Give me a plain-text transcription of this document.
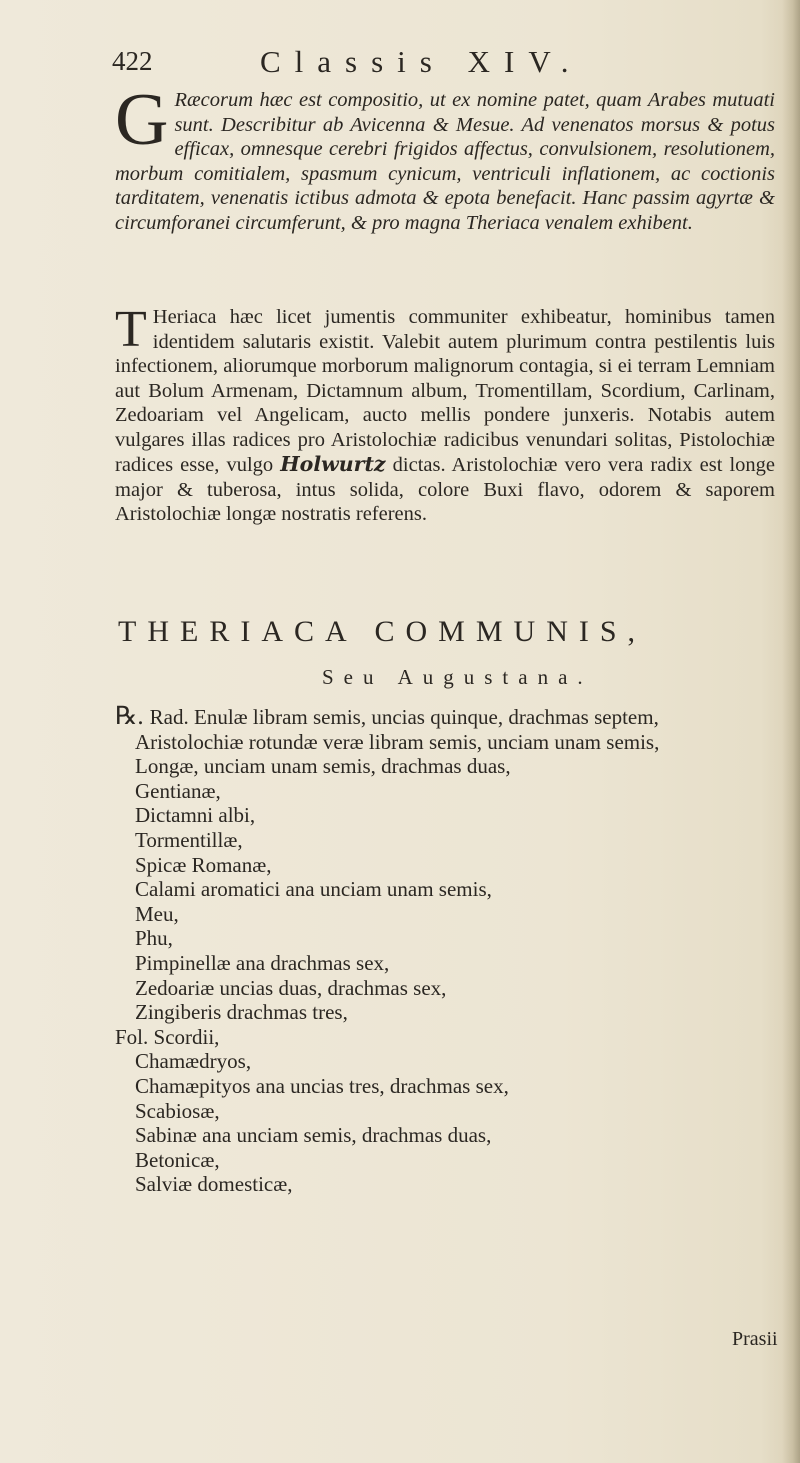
422	Classis XIV.
G Ræcorum hæc est compositio, ut ex nomine patet, quam Arabes mutuati sunt. Describitur ab Avicenna & Mesue. Ad venenatos morsus & potus efficax, omnesque cerebri frigidos affectus, convulsionem, resolutionem, morbum comitialem, spasmum cynicum, ventriculi inflationem, ac coctionis tarditatem, venenatis ictibus admota & epota benefacit. Hanc passim agyrtæ & circumforanei circumferunt, & pro magna Theriaca venalem exhibent.
T Heriaca hæc licet jumentis communiter exhibeatur, hominibus tamen identidem salutaris existit. Valebit autem plurimum contra pestilentis luis infectionem, aliorumque morborum malignorum contagia, si ei terram Lemniam aut Bolum Armenam, Dictamnum album, Tromentillam, Scordium, Carlinam, Zedoariam vel Angelicam, aucto mellis pondere junxeris. Notabis autem vulgares illas radices pro Aristolochiæ radicibus venundari solitas, Pistolochiæ radices esse, vulgo Holwurtz dictas. Aristolochiæ vero vera radix est longe major & tuberosa, intus solida, colore Buxi flavo, odorem & saporem Aristolochiæ longæ nostratis referens.
THERIACA COMMUNIS,
Seu Augustana.

℞. Rad. Enulæ libram semis, uncias quinque, drachmas septem,

Aristolochiæ rotundæ veræ libram semis, unciam unam semis,

Longæ, unciam unam semis, drachmas duas,

Gentianæ,

Dictamni albi,

Tormentillæ,

Spicæ Romanæ,

Calami aromatici ana unciam unam semis,

Meu,

Phu,

Pimpinellæ ana drachmas sex,

Zedoariæ uncias duas, drachmas sex,

Zingiberis drachmas tres,

Fol. Scordii,

Chamædryos,

Chamæpityos ana uncias tres, drachmas sex,

Scabiosæ,

Sabinæ ana unciam semis, drachmas duas,

Betonicæ,

Salviæ domesticæ,

Prasii
